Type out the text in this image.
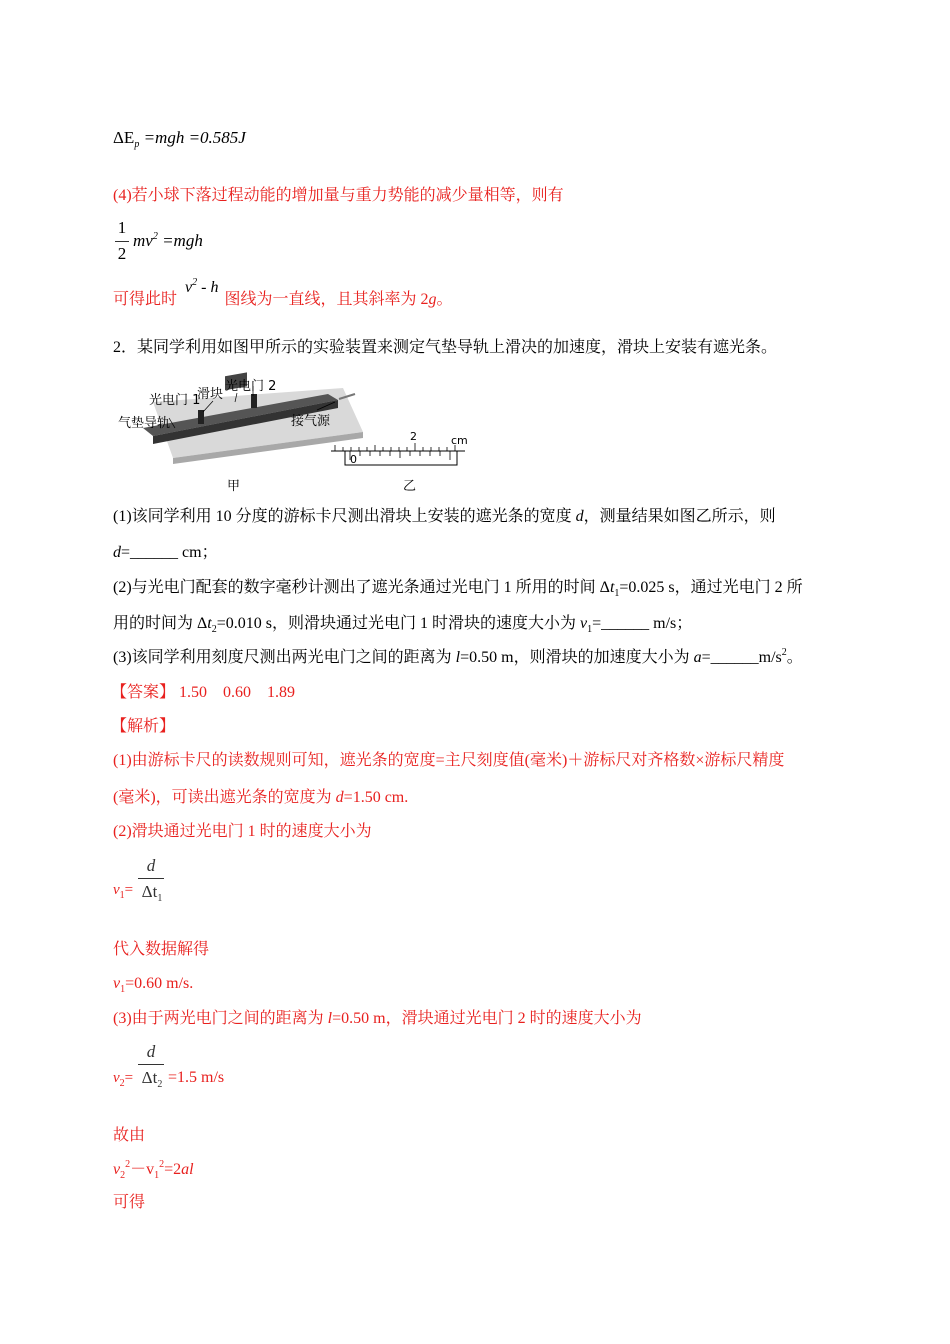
$\Delta E_p =mgh =0.585J$
(4)若小球下落过程动能的增加量与重力势能的减少量相等，则有
1
2
$mv^2 =mgh$
可得此时$v^2$ - h图线为一直线，且其斜率为 2g。
2．某同学利用如图甲所示的实验装置来测定气垫导轨上滑决的加速度，滑块上安装有遮光条。
气垫导轨
光电门 1
滑块
光电门 2
接气源
甲	乙
cm
2
0
(1)该同学利用 10 分度的游标卡尺测出滑块上安装的遮光条的宽度 d，测量结果如图乙所示，则
d=______ cm；
(2)与光电门配套的数字毫秒计测出了遮光条通过光电门 1 所用的时间 $\Delta t_1=0.025$ s，通过光电门 2 所
用的时间为 $\Delta t_2=0.010$ s，则滑块通过光电门 1 时滑块的速度大小为 $v_1=\_\_\_\_\_\_$ m/s；
(3)该同学利用刻度尺测出两光电门之间的距离为 l=0.50 m，则滑块的加速度大小为 $a=\_\_\_\_\_\_m/s^2$。
【答案】 1.50　0.60　1.89
【解析】
(1)由游标卡尺的读数规则可知，遮光条的宽度=主尺刻度值(毫米)＋游标尺对齐格数×游标尺精度
(毫米)，可读出遮光条的宽度为 d=1.50 cm.
(2)滑块通过光电门 1 时的速度大小为
$v_1=$
d
$\Delta t_1$
代入数据解得
$v_1=0.60$ m/s.
(3)由于两光电门之间的距离为 l=0.50 m，滑块通过光电门 2 时的速度大小为
$v_2=$
d
$\Delta t_2 =1.5$ m/s
故由
$v_2^2-v_1^2=2al$
可得
